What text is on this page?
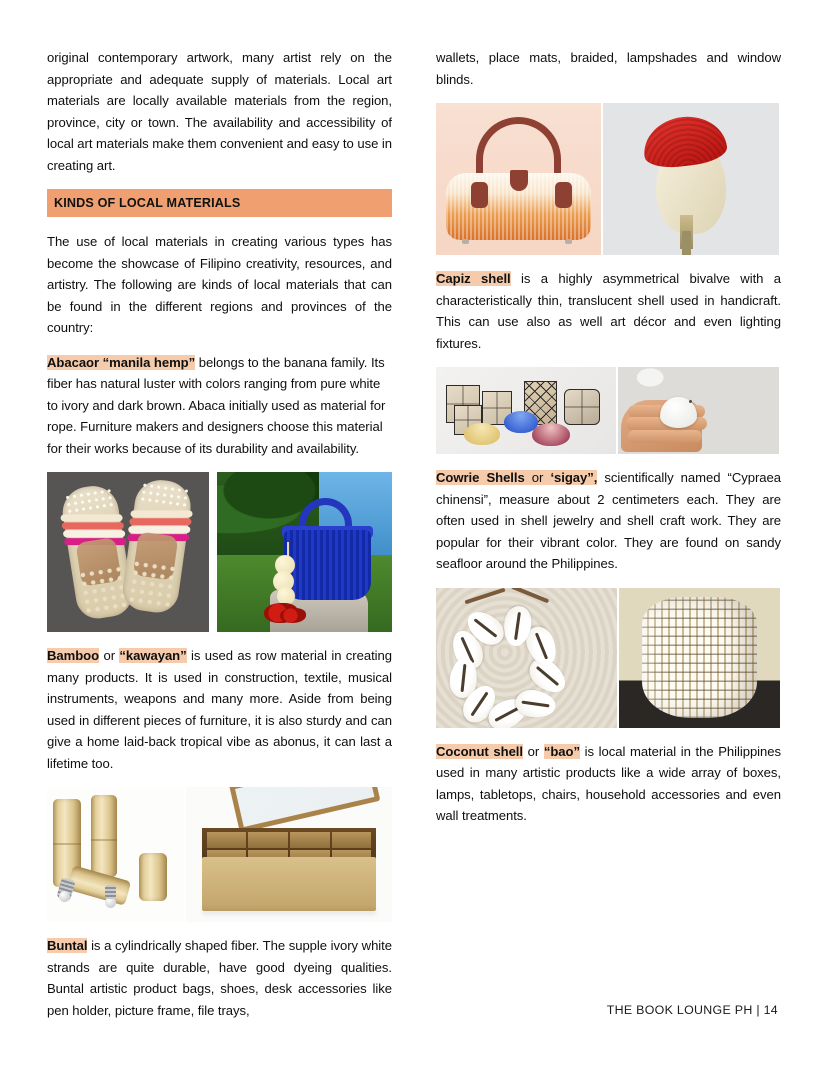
original contemporary artwork, many artist rely on the appropriate and adequate supply of materials. Local art materials are locally available materials from the region, province, city or town. The availability and accessibility of local art materials make them convenient and easy to use in creating art.

KINDS OF LOCAL MATERIALS

The use of local materials in creating various types has become the showcase of Filipino creativity, resources, and artistry. The following are kinds of local materials that can be found in the different regions and provinces of the country:

Abacaor “manila hemp” belongs to the banana family. Its fiber has natural luster with colors ranging from pure white to ivory and dark brown. Abaca initially used as material for rope. Furniture makers and designers choose this material for their works because of its durability and availability.

Bamboo or “kawayan” is used as row material in creating many products. It is used in construction, textile, musical instruments, weapons and many more. Aside from being used in different pieces of furniture, it is also sturdy and can give a home laid-back tropical vibe as abonus, it can last a lifetime too.

Buntal is a cylindrically shaped fiber. The supple ivory white strands are quite durable, have good dyeing qualities. Buntal artistic product bags, shoes, desk accessories like pen holder, picture frame, file trays,

wallets, place mats, braided, lampshades and window blinds.

Capiz shell is a highly asymmetrical bivalve with a characteristically thin, translucent shell used in handicraft. This can use also as well art décor and even lighting fixtures.

Cowrie Shells or ‘sigay”, scientifically named “Cypraea chinensi”, measure about 2 centimeters each. They are often used in shell jewelry and shell craft work. They are popular for their vibrant color. They are found on sandy seafloor around the Philippines.

Coconut shell or “bao” is local material in the Philippines used in many artistic products like a wide array of boxes, lamps, tabletops, chairs, household accessories and even wall treatments.

THE BOOK LOUNGE PH | 14
